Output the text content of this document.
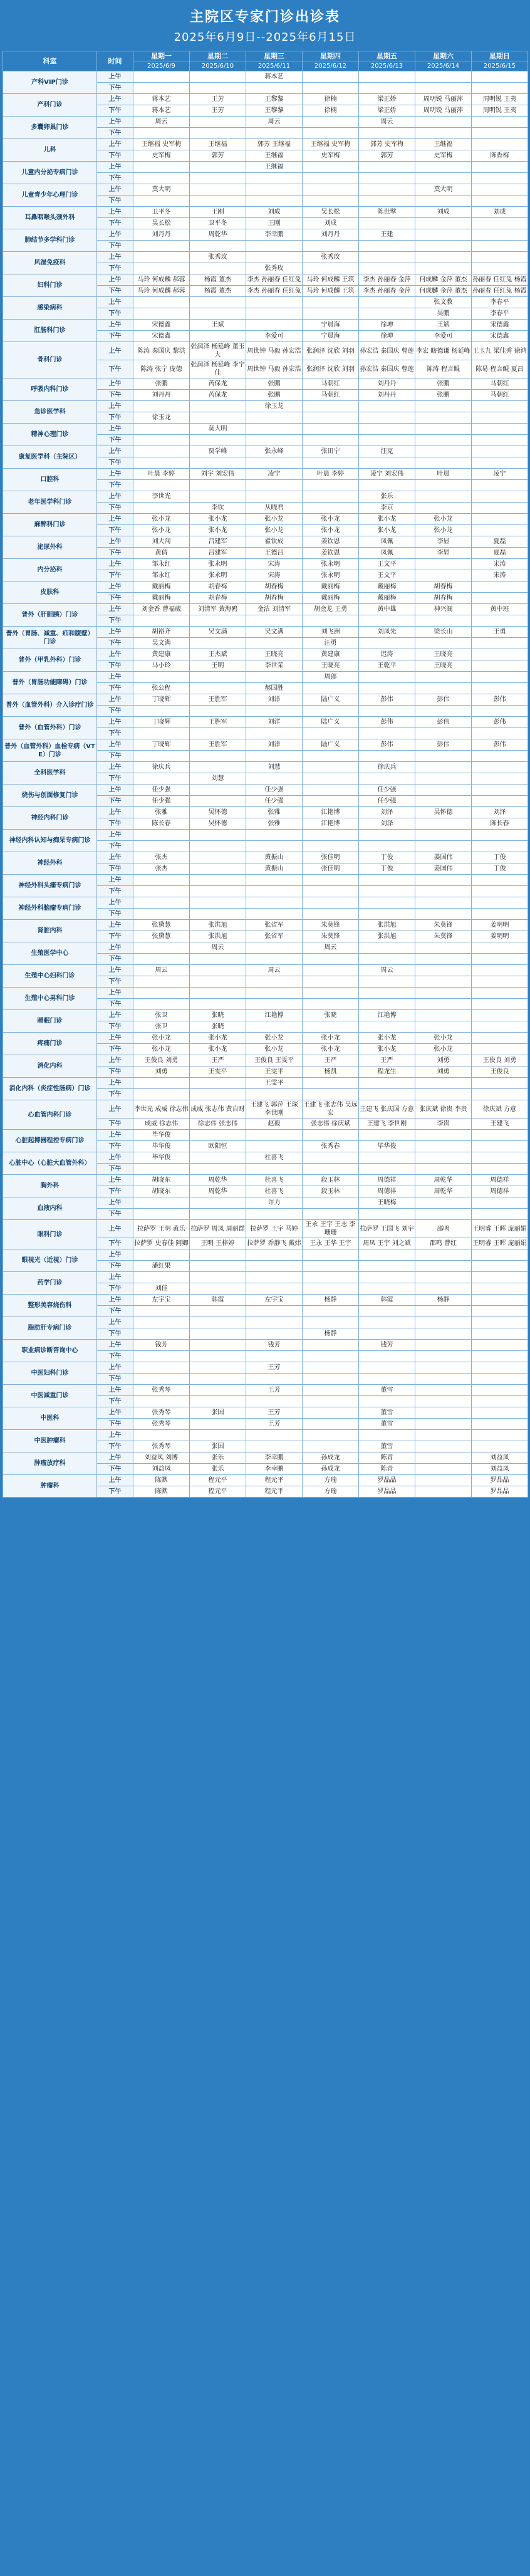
主院区专家门诊出诊表
2025年6月9日--2025年6月15日
科室	时间	星期一	星期二	星期三	星期四	星期五	星期六	星期日
		2025/6/9	2025/6/10	2025/6/11	2025/6/12	2025/6/13	2025/6/14	2025/6/15
产科VIP门诊	上午			蒋本艺				
	下午							
产科门诊	上午	蒋本艺	王芳	王黎黎	徐楠	梁正娇	周明锐 马丽萍	周明锐 王夷
	下午	蒋本艺	王芳	王黎黎	徐楠	梁正娇	周明锐 马丽萍	周明锐 王夷
多囊卵巢门诊	上午	周云		周云		周云		
	下午							
儿科	上午	王继福 史军梅	王继福	郭芳 王继福	王继福 史军梅	郭芳 史军梅	王继福	
	下午	史军梅	郭芳	王继福	史军梅	郭芳	史军梅	陈香梅
儿童内分泌专病门诊	上午			王继福				
	下午							
儿童青少年心理门诊	上午	莫大明					莫大明	
	下午							
耳鼻咽喉头颈外科	上午	卫平冬	王刚	刘成	吴长松	陈世擘	刘成	刘成
	下午	吴长松	卫平冬	王刚	刘成			
肺结节多学科门诊	上午	刘丹丹	周乾华	李幸鹏	刘丹丹	王建		
	下午							
风湿免疫科	上午		张秀玫		张秀玫			
	下午			张秀玫				
妇科门诊	上午	马玲 何成麟 郝蓉	杨霞 董杰	李杰 孙丽春 任红免	马玲 何成麟 王筑	李杰 孙丽春 金萍	何成麟 金萍 董杰	孙丽春 任红兔 杨霞
	下午	马玲 何成麟 郝蓉	杨霞 董杰	李杰 孙丽春 任红兔	马玲 何成麟 王筑	李杰 孙丽春 金萍	何成麟 金萍 董杰	孙丽春 任红兔 杨霞
感染病科	上午						张文教	李春平
	下午						吴鹏	李春平
肛肠科门诊	上午	宋德鑫	王斌		宁晨海	徐坤	王斌	宋德鑫
	下午	宋德鑫		李爱可	宁晨海	徐坤	李爱可	宋德鑫
骨科门诊	上午	陈涛 秦国庆 黎洪	张润泽 杨延峰 董玉大	周世钟 马毅 孙宏浩	张润泽 沈欣 刘羽	孙宏浩 秦国庆 曹莲	李宏 瞎德谦 杨延峰	王玉九 梁佳秀 徐鸿
	下午	陈涛 张宁 庞德	张润泽 杨延峰 李宁佳	周世钟 马毅 孙宏浩	张润泽 沈欣 刘羽	孙宏浩 秦国庆 曹莲	陈涛 程言鲲	陈易 程言鲲 夏昌
呼吸内科门诊	上午	张鹏	芮保龙	张鹏	马朝红	刘丹丹	张鹏	马朝红
	下午	刘丹丹	芮保龙	张鹏	马朝红	刘丹丹	张鹏	马朝红
急诊医学科	上午			徐玉龙				
	下午	徐玉龙						
精神心理门诊	上午		莫大明					
	下午							
康复医学科（主院区）	上午		贾学峰	张永峰	张田宁	汪克		
	下午							
口腔科	上午	叶晨 李婷	刘宇 刘宏伟	凌宁	叶晨 李婷	凌宁 刘宏伟	叶晨	凌宁
	下午							
老年医学科门诊	上午	李世光				张乐		
	下午		李钦	从晓君		李京		
麻醉科门诊	上午	张小龙	张小龙	张小龙	张小龙	张小龙	张小龙	
	下午	张小龙	张小龙	张小龙	张小龙	张小龙	张小龙	
泌尿外科	上午	刘大闯	吕建军	翟钦成	姜钦恩	凤佩	李显	夏磊
	下午	黄倩	吕建军	王德吕	姜钦恩	凤佩	李显	夏磊
内分泌科	上午	邹永红	张永明	宋涛	张永明	王文平		宋涛
	下午	邹永红	张永明	宋涛	张永明	王文平		宋涛
皮肤科	上午	戴丽梅	胡春梅	胡春梅	戴丽梅	戴丽梅	胡春梅	
	下午	戴丽梅	胡春梅	胡春梅	戴丽梅	戴丽梅	胡春梅	
普外（肝胆胰）门诊	上午	刘金香 曹福葳	刘清军 黄海鸥	金洁 刘清军	胡金龙 王勇	黄中雄	神兴阁	黄中班
	下午							
普外（胃肠、减重、疝和腹壁）门诊	上午	胡裕齐	吴文满	吴文满	刘飞洲	刘凤先	梁长山	王勇
	下午	吴文满			汪勇			
普外（甲乳外科）门诊	上午	黄建康	王杰斌	王晓亮	黄建康	迟涛	王晓亮	
	下午	马小玲	王明	李世荣	王晓亮	王乾平	王晓亮	
普外（胃肠功能障碍）门诊	上午				周郎			
	下午	张公程		郝国胜				
普外（血管外科）介入诊疗门诊	上午	丁晓辉	王胜军	刘洋	陆广义	彭伟	彭伟	彭伟
	下午							
普外（血管外科）门诊	上午	丁晓辉	王胜军	刘洋	陆广义	彭伟	彭伟	彭伟
	下午							
普外（血管外科）血栓专病（VTE）门诊	上午	丁晓辉	王胜军	刘洋	陆广义	彭伟	彭伟	彭伟
	下午							
全科医学科	上午	徐庆兵		刘慧		徐庆兵		
	下午		刘慧					
烧伤与创面修复门诊	上午	任少强		任少强		任少强		
	下午	任少强		任少强		任少强		
神经内科门诊	上午	张雅	吴怀德	张雅	江艳博	刘泽	吴怀德	刘泽
	下午	陈长春	吴怀德	张雅	江艳博	刘泽		陈长春
神经内科认知与痴呆专病门诊	上午							
	下午							
神经外科	上午	张杰		黄振山	张佳明	丁俊	姜国伟	丁俊
	下午	张杰		黄振山	张佳明	丁俊	姜国伟	丁俊
神经外科头痛专病门诊	上午							
	下午							
神经外科脑瘤专病门诊	上午							
	下午							
肾脏内科	上午	张黛慧	张洪旭	张省军	朱莫锋	张洪旭	朱莫锋	姜明明
	下午	张黛慧	张洪旭	张省军	朱莫锋	张洪旭	朱莫锋	姜明明
生殖医学中心	上午		周云		周云			
	下午							
生殖中心妇科门诊	上午	周云		周云		周云		
	下午							
生殖中心男科门诊	上午							
	下午							
睡眠门诊	上午	张卫	张晓	江艳博	张晓	江艳博		
	下午	张卫	张晓					
疼痛门诊	上午	张小龙	张小龙	张小龙	张小龙	张小龙	张小龙	
	下午	张小龙	张小龙	张小龙	张小龙	张小龙	张小龙	
消化内科	上午	王俊良 刘勇	王严	王俊良 王雯平	王严	王严	刘勇	王俊良 刘勇
	下午	刘勇	王雯平	王雯平	杨凯	程龙生	刘勇	王俊良
消化内科（炎症性肠病）门诊	上午			王雯平				
	下午							
心血管内科门诊	上午	李世光 成威 徐志伟	成威 张志伟 黄自财	王建飞 郭萍 王琛 李世刚	王建飞 张志伟 吴远宏	王建飞 张庆国 方意	张庆斌 徐贵 李贵	徐庆斌 方意
	下午	成威 徐志伟	徐志伟 张志伟	赵毅	张志伟 徐庆斌	王建飞 李世刚	李贵	王建飞
心脏起搏器程控专病门诊	上午	毕华俊						
	下午	毕华俊	欧阳恒		张秀春	毕华俊		
心脏中心（心脏大血管外科）	上午	毕华俊		杜喜飞				
	下午							
胸外科	上午	胡晓东	周乾华	杜喜飞	段玉林	周德祥	周乾华	周德祥
	下午	胡晓东	周乾华	杜喜飞	段玉林	周德祥	周乾华	周德祥
血液内科	上午			许力		王晓梅		
	下午							
眼科门诊	上午	拉萨罗 王明 黄乐	拉萨罗 周凤 周丽群	拉萨罗 王宇 马婷	王永 王宇 王志 李珊珊	拉萨罗 王国飞 刘宇	邵鸣	王明睿 王晖 庞丽娟
	下午	拉萨罗 史春佳 阿卿	王明 王梓婷	拉萨罗 乔静飞 戴炜	王永 王华 王宇	周凤 王宇 刘之斌	邵鸣 曹红	王明睿 王晖 庞丽娟
眼视光（近视）门诊	上午							
	下午	潘红果						
药学门诊	上午							
	下午	刘佳						
整形美容烧伤科	上午	左宇宝	韩霞	左宇宝	杨静	韩霞	杨静	
	下午							
脂肪肝专病门诊	上午							
	下午				杨静			
职业病诊断咨询中心	上午	钱芳		钱芳		钱芳		
	下午							
中医妇科门诊	上午			王芳				
	下午							
中医减重门诊	上午	张秀琴		王芳		董雪		
	下午							
中医科	上午	张秀琴	张国	王芳		董雪		
	下午	张秀琴		王芳		董雪		
中医肿瘤科	上午							
	下午	张秀琴	张国			董雪		
肿瘤放疗科	上午	刘益凤 刘博	张乐	李幸鹏	孙成龙	陈青		刘益凤
	下午	刘益凤	张乐	李幸鹏	孙成龙	陈青		刘益凤
肿瘤科	上午	陈默	程元平	程元平	方瑜	罗晶晶		罗晶晶
	下午	陈默	程元平	程元平	方瑜	罗晶晶		罗晶晶
